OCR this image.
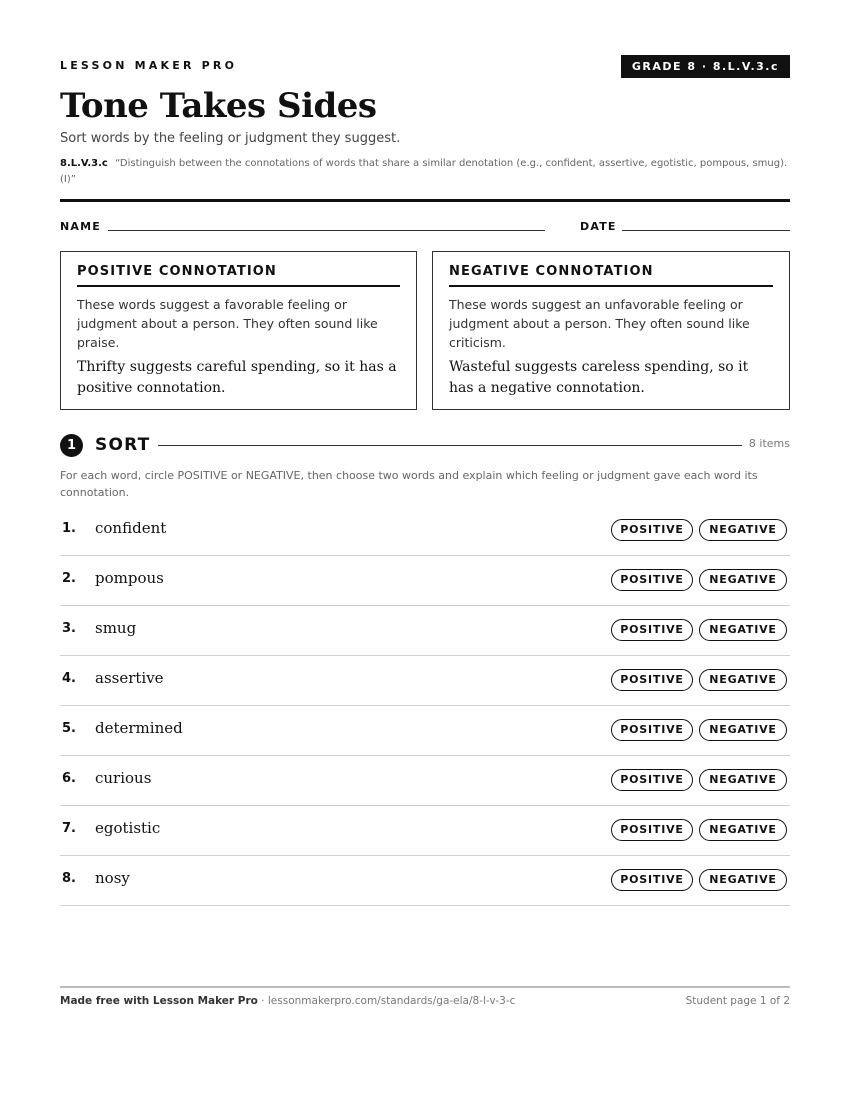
LESSON MAKER PRO	GRADE 8 · 8.L.V.3.c
Tone Takes Sides
Sort words by the feeling or judgment they suggest.
8.L.V.3.c “Distinguish between the connotations of words that share a similar denotation (e.g., confident, assertive, egotistic, pompous, smug). (I)”
NAME	DATE
POSITIVE CONNOTATION
These words suggest a favorable feeling or judgment about a person. They often sound like praise.
Thrifty suggests careful spending, so it has a positive connotation.
NEGATIVE CONNOTATION
These words suggest an unfavorable feeling or judgment about a person. They often sound like criticism.
Wasteful suggests careless spending, so it has a negative connotation.
1	SORT	8 items
For each word, circle POSITIVE or NEGATIVE, then choose two words and explain which feeling or judgment gave each word its connotation.
1. confident	POSITIVE	NEGATIVE
2. pompous	POSITIVE	NEGATIVE
3. smug	POSITIVE	NEGATIVE
4. assertive	POSITIVE	NEGATIVE
5. determined	POSITIVE	NEGATIVE
6. curious	POSITIVE	NEGATIVE
7. egotistic	POSITIVE	NEGATIVE
8. nosy	POSITIVE	NEGATIVE
Made free with Lesson Maker Pro · lessonmakerpro.com/standards/ga-ela/8-l-v-3-c	Student page 1 of 2
